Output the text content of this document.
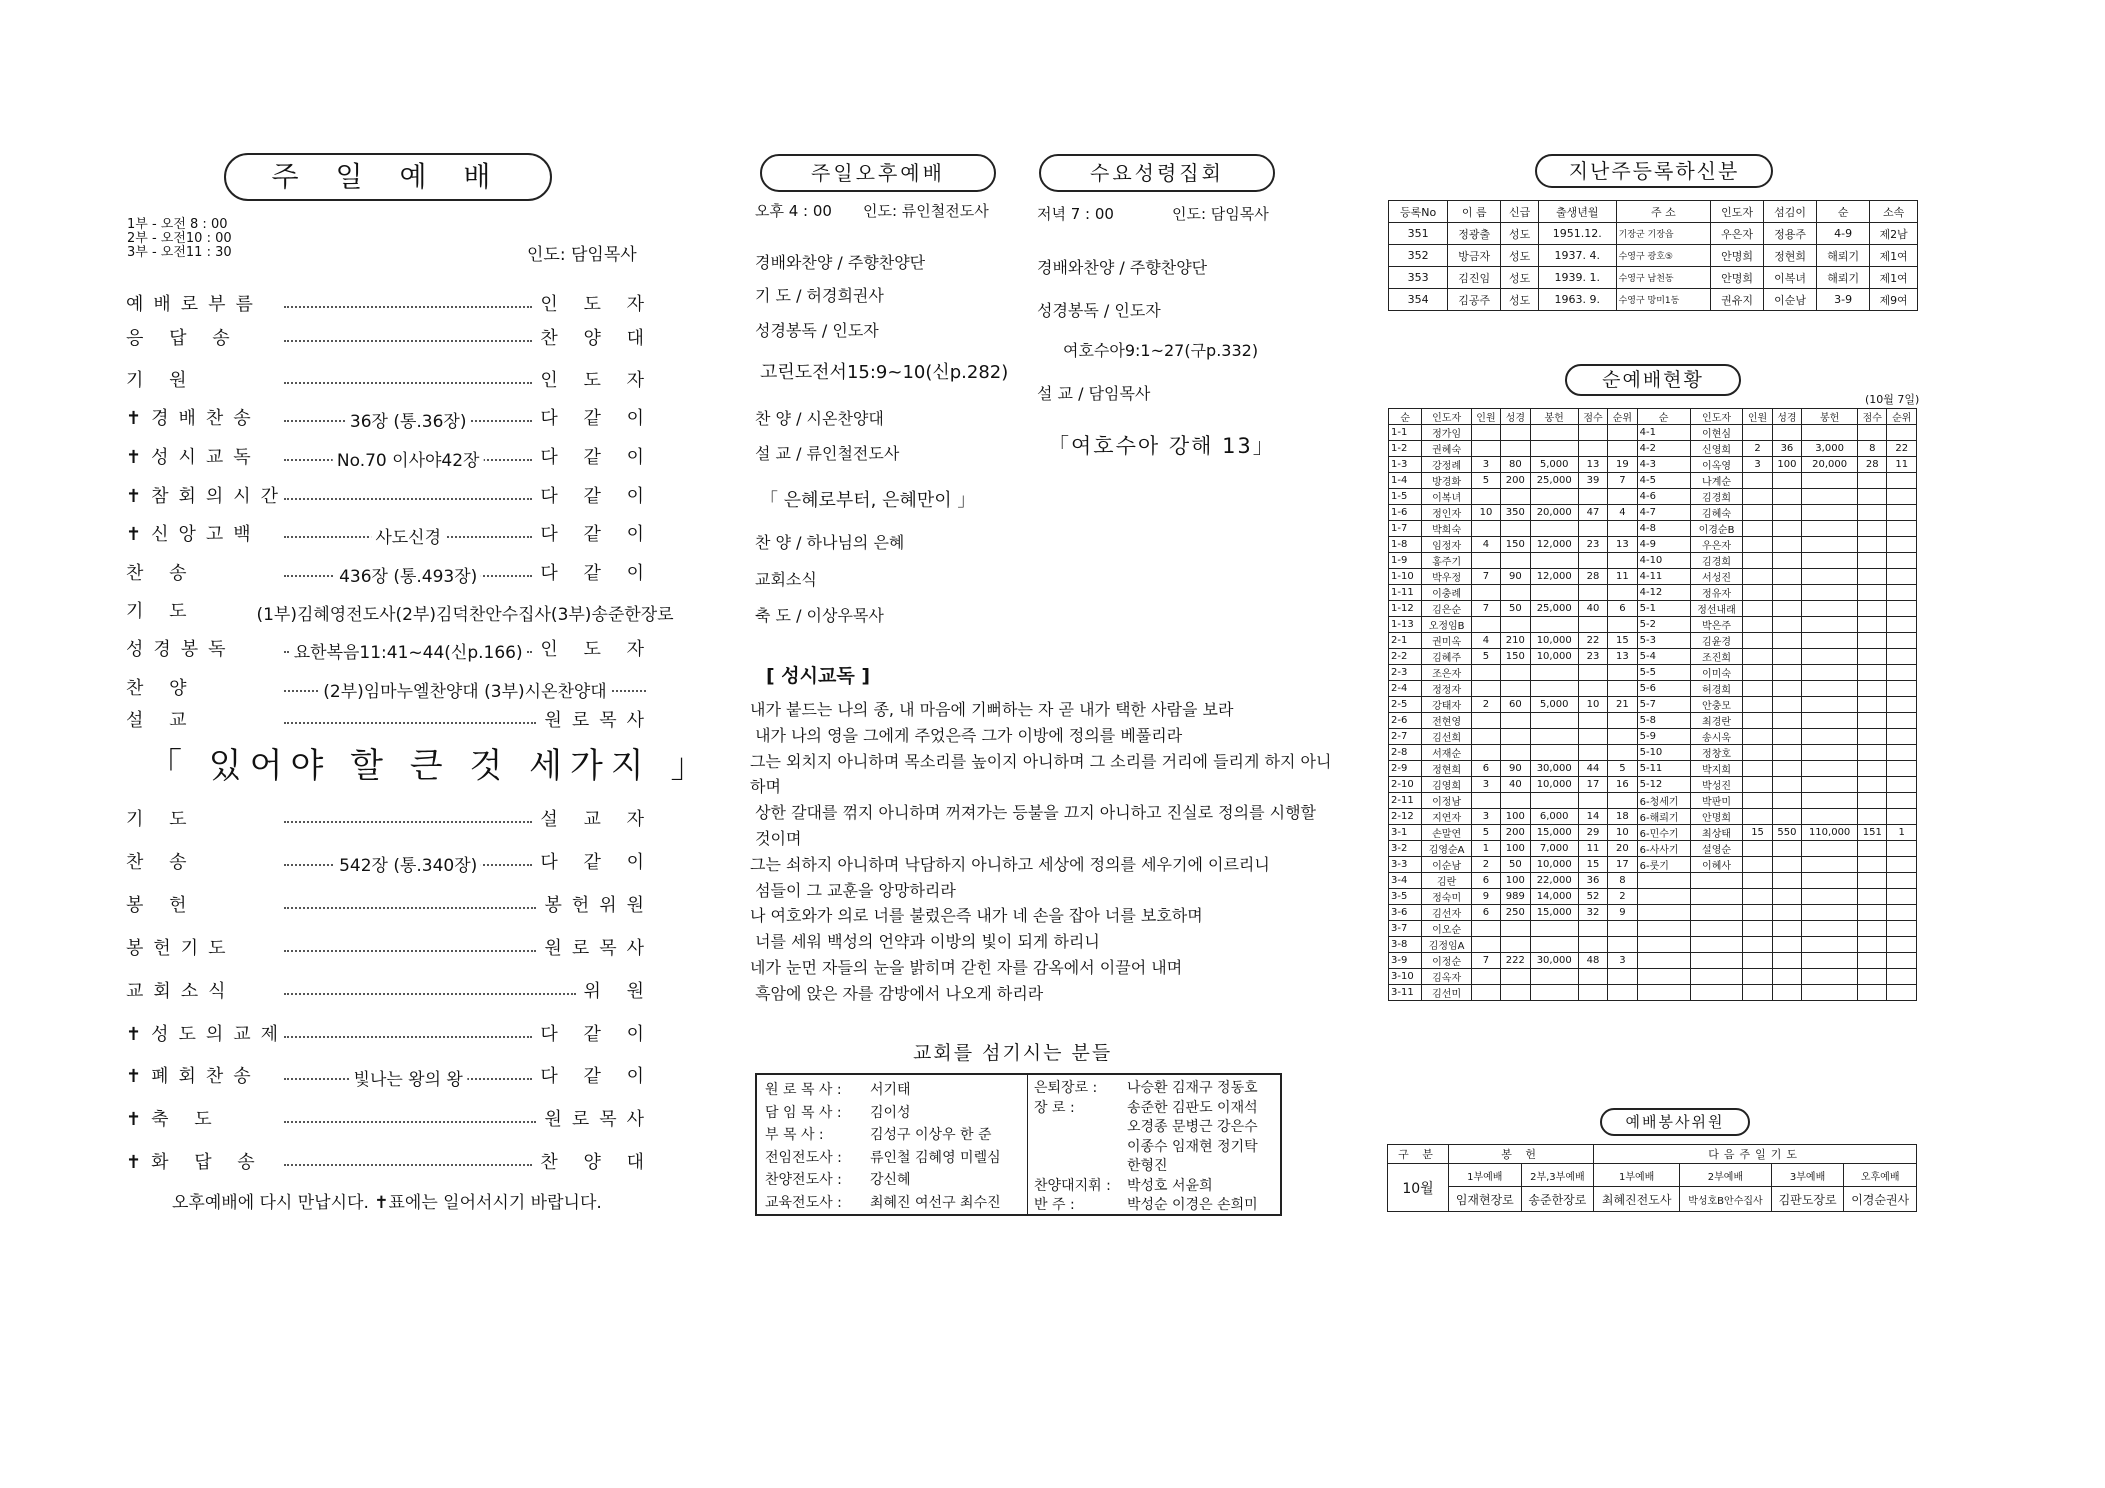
주 일 예 배
1부 - 오전 8 : 00
2부 - 오전10 : 00
3부 - 오전11 : 30	인도: 담임목사
예배로부름	인 도 자
응 답 송	찬 양 대
기 원	인 도 자
✝경배찬송	36장 (통.36장)	다 같 이
✝성시교독	No.70 이사야42장	다 같 이
✝참회의시간	다 같 이
✝신앙고백	사도신경	다 같 이
찬 송	436장 (통.493장)	다 같 이
기 도	(1부)김혜영전도사(2부)김덕찬안수집사(3부)송준한장로
성경봉독	요한복음11:41~44(신p.166) 인 도 자
찬 양	(2부)임마누엘찬양대 (3부)시온찬양대
설 교	원로목사
「 있어야 할 큰 것 세가지 」
기 도	설 교 자
찬 송	542장 (통.340장)	다 같 이
봉 헌	봉헌위원
봉헌기도	원로목사
교회소식	위 원
✝성도의교제	다 같 이
✝폐회찬송	빛나는 왕의 왕	다 같 이
✝축 도	원로목사
✝화 답 송	찬 양 대
오후예배에 다시 만납시다. ✝표에는 일어서시기 바랍니다.
주일오후예배
오후 4 : 00 인도: 류인철전도사
경배와찬양 / 주향찬양단
기 도 / 허경희권사
성경봉독 / 인도자
고린도전서15:9~10(신p.282)
찬 양 / 시온찬양대
설 교 / 류인철전도사
「 은혜로부터, 은혜만이 」
찬 양 / 하나님의 은혜
교회소식
축 도 / 이상우목사
수요성령집회
저녁 7 : 00	인도: 담임목사
경배와찬양 / 주향찬양단
성경봉독 / 인도자
여호수아9:1~27(구p.332)
설 교 / 담임목사
「여호수아 강해 13」
[ 성시교독 ]
내가 붙드는 나의 종, 내 마음에 기뻐하는 자 곧 내가 택한 사람을 보라
내가 나의 영을 그에게 주었은즉 그가 이방에 정의를 베풀리라
그는 외치지 아니하며 목소리를 높이지 아니하며 그 소리를 거리에 들리게 하지 아니
하며
상한 갈대를 꺾지 아니하며 꺼져가는 등불을 끄지 아니하고 진실로 정의를 시행할
것이며
그는 쇠하지 아니하며 낙담하지 아니하고 세상에 정의를 세우기에 이르리니
섬들이 그 교훈을 앙망하리라
나 여호와가 의로 너를 불렀은즉 내가 네 손을 잡아 너를 보호하며
너를 세워 백성의 언약과 이방의 빛이 되게 하리니
네가 눈먼 자들의 눈을 밝히며 갇힌 자를 감옥에서 이끌어 내며
흑암에 앉은 자를 감방에서 나오게 하리라
교회를 섬기시는 분들
원 로 목 사 : 서기태
담 임 목 사 : 김이성
부 목 사 :	김성구 이상우 한 준
전임전도사 : 류인철 김혜영 미렐심
찬양전도사 : 강신혜
교육전도사 : 최혜진 여선구 최수진
은퇴장로 : 나승환 김재구 정동호
장 로 :	송준한 김판도 이재석
오경종 문병근 강은수
이종수 임재현 정기탁
한형진
찬양대지휘 : 박성호 서윤희
반 주 :	박성순 이경은 손희미
지난주등록하신분
등록No	이 름	신급	출생년월	주 소	인도자	섬김이	순	소속
351	정광출	성도	1951.12.	기장군 기장읍	우은자	정용주	4-9	제2남
352	방금자	성도	1937. 4.	수영구 광호⑤	안명희	정현희	해뢰기	제1여
353	김진임	성도	1939. 1.	수영구 남천동	안명희	이복녀	해뢰기	제1여
354	김공주	성도	1963. 9.	수영구 망미1동	권유지	이순남	3-9	제9여
순예배현황
(10월 7일)
순	인도자	인원	성경	봉헌	점수	순위	순	인도자	인원	성경	봉헌	점수	순위
1-1	정가임						4-1	이현심					
1-2	권혜숙						4-2	신영희	2	36	3,000	8	22
1-3	강정례	3	80	5,000	13	19	4-3	이옥영	3	100	20,000	28	11
1-4	방경화	5	200	25,000	39	7	4-5	나계순					
1-5	이복녀						4-6	김경희					
1-6	정인자	10	350	20,000	47	4	4-7	김혜숙					
1-7	박희숙						4-8	이경순B					
1-8	임정자	4	150	12,000	23	13	4-9	우은자					
1-9	홍주기						4-10	김경희					
1-10	박우정	7	90	12,000	28	11	4-11	서성진					
1-11	이충례						4-12	정유자					
1-12	김은순	7	50	25,000	40	6	5-1	정선내래					
1-13	오정임B						5-2	박은주					
2-1	권미옥	4	210	10,000	22	15	5-3	김윤경					
2-2	김혜주	5	150	10,000	23	13	5-4	조진희					
2-3	조은자						5-5	이미숙					
2-4	정정자						5-6	허경희					
2-5	강태자	2	60	5,000	10	21	5-7	안충모					
2-6	전현영						5-8	최경란					
2-7	김선희						5-9	송시욱					
2-8	서재순						5-10	정창호					
2-9	정현희	6	90	30,000	44	5	5-11	박지희					
2-10	김영희	3	40	10,000	17	16	5-12	박성진					
2-11	이정남						6-청세기	박판미					
2-12	지연자	3	100	6,000	14	18	6-해뢰기	안명희					
3-1	손말연	5	200	15,000	29	10	6-민수기	최상태	15	550	110,000	151	1
3-2	김영순A	1	100	7,000	11	20	6-사사기	설영순					
3-3	이순남	2	50	10,000	15	17	6-룻기	이혜사					
3-4	김란	6	100	22,000	36	8							
3-5	정숙미	9	989	14,000	52	2							
3-6	김선자	6	250	15,000	32	9							
3-7	이오순												
3-8	김정임A												
3-9	이정순	7	222	30,000	48	3							
3-10	김옥자												
3-11	김선미												
예배봉사위원
구 분	봉 헌		다음주일기도			
10월	1부예배	2부,3부예배	1부예배	2부예배	3부예배	오후예배
	임재현장로	송준한장로	최혜진전도사	박성호B안수집사	김판도장로	이경순권사
